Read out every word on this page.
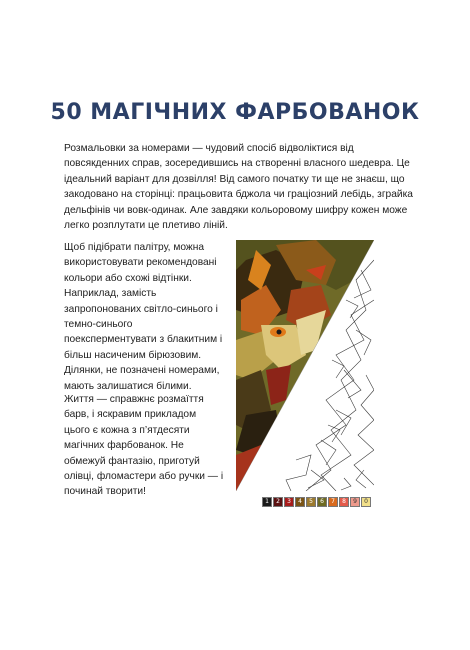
50 МАГІЧНИХ ФАРБОВАНОК

Розмальовки за номерами — чудовий спосіб відволіктися від повсякденних справ, зосередившись на створенні власного шедевра. Це ідеальний варіант для дозвілля! Від самого початку ти ще не знаєш, що закодовано на сторінці: працьовита бджола чи граціозний лебідь, зграйка дельфінів чи вовк-одинак. Але завдяки кольоровому шифру кожен може легко розплутати це плетиво ліній.

Щоб підібрати палітру, можна використовувати рекомендовані кольори або схожі відтінки. Наприклад, замість запропонованих світло-синього і темно-синього поексперментувати з блакитним і більш насиченим бірюзовим. Ділянки, не позначені номерами, мають залишатися білими.

Життя — справжнє розмаїття барв, і яскравим прикладом цього є кожна з п’ятдесяти магічних фарбованок. Не обмежуй фантазію, приготуй олівці, фломастери або ручки — і починай творити!

1	2	3	4	5	6	7	8	9	0
